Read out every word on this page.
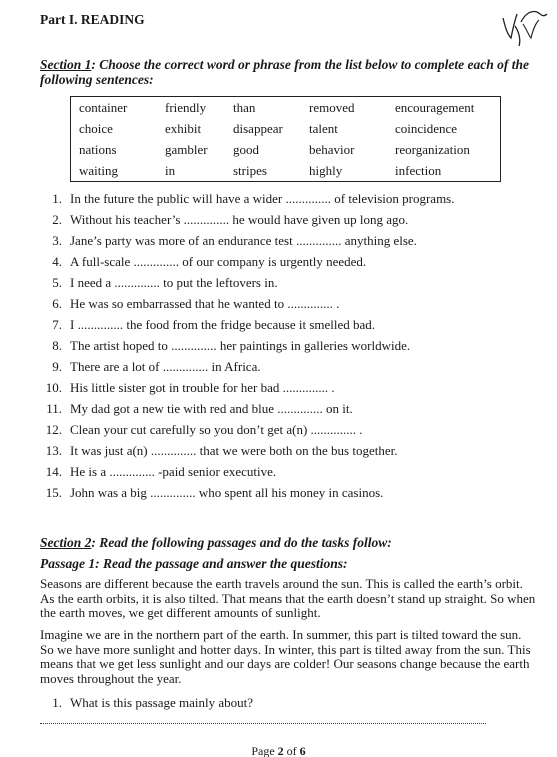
Part I. READING
Section 1: Choose the correct word or phrase from the list below to complete each of the following sentences:
container	friendly	than	removed	encouragement
choice	exhibit	disappear	talent	coincidence
nations	gambler	good	behavior	reorganization
waiting	in	stripes	highly	infection
1. In the future the public will have a wider .............. of television programs.
2. Without his teacher’s .............. he would have given up long ago.
3. Jane’s party was more of an endurance test .............. anything else.
4. A full-scale .............. of our company is urgently needed.
5. I need a .............. to put the leftovers in.
6. He was so embarrassed that he wanted to .............. .
7. I .............. the food from the fridge because it smelled bad.
8. The artist hoped to .............. her paintings in galleries worldwide.
9. There are a lot of .............. in Africa.
10. His little sister got in trouble for her bad .............. .
11. My dad got a new tie with red and blue .............. on it.
12. Clean your cut carefully so you don’t get a(n) .............. .
13. It was just a(n) .............. that we were both on the bus together.
14. He is a .............. -paid senior executive.
15. John was a big .............. who spent all his money in casinos.
Section 2: Read the following passages and do the tasks follow:
Passage 1: Read the passage and answer the questions:
Seasons are different because the earth travels around the sun. This is called the earth’s orbit. As the earth orbits, it is also tilted. That means that the earth doesn’t stand up straight. So when the earth moves, we get different amounts of sunlight.
Imagine we are in the northern part of the earth. In summer, this part is tilted toward the sun. So we have more sunlight and hotter days. In winter, this part is tilted away from the sun. This means that we get less sunlight and our days are colder! Our seasons change because the earth moves throughout the year.
1. What is this passage mainly about?
Page 2 of 6
